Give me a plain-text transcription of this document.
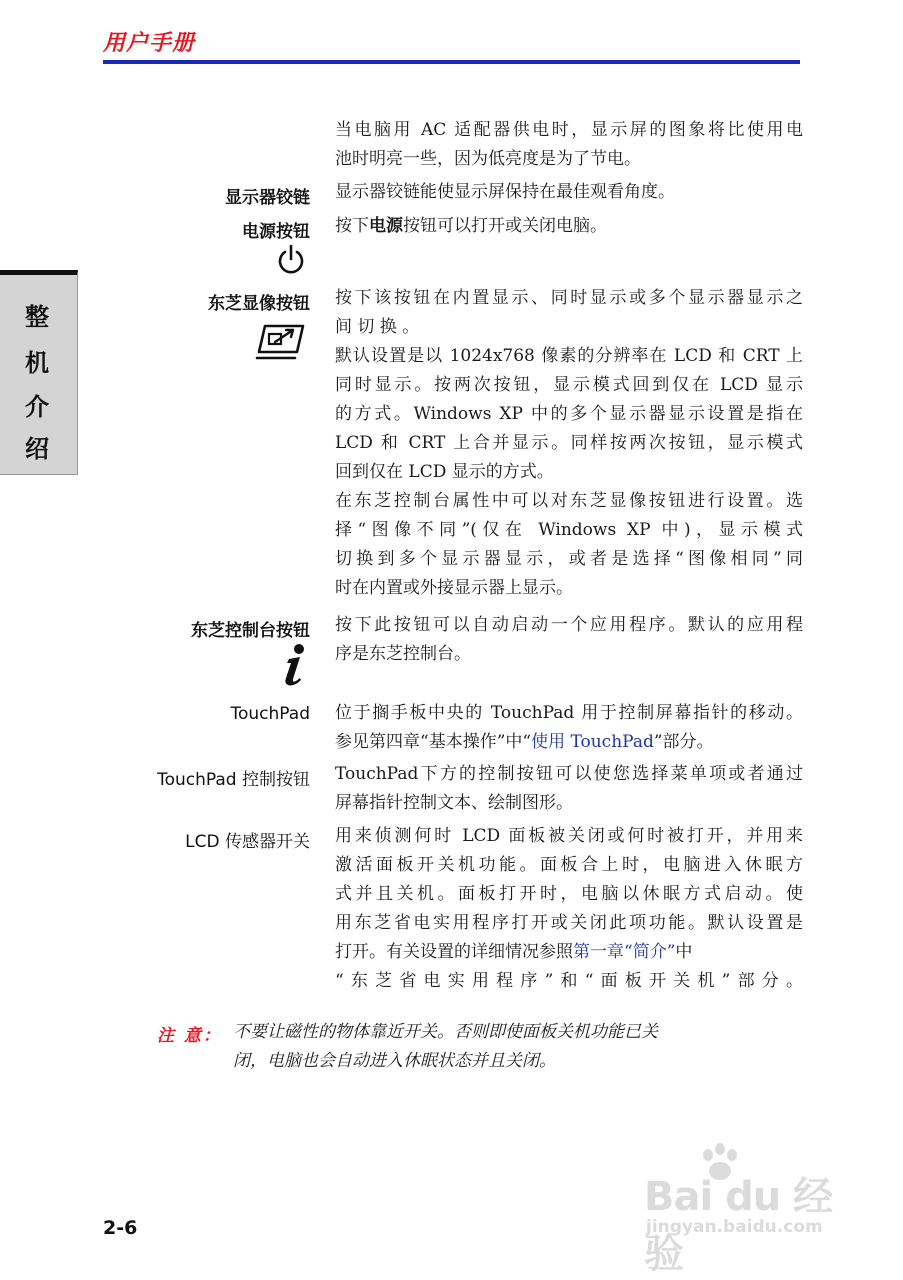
用户手册
整
机
介
绍
当电脑用 AC 适配器供电时，显示屏的图象将比使用电
池时明亮一些，因为低亮度是为了节电。
显示器铰链 显示器铰链能使显示屏保持在最佳观看角度。
电源按钮 按下电源按钮可以打开或关闭电脑。
东芝显像按钮 按下该按钮在内置显示、同时显示或多个显示器显示之
间 切 换 。
默认设置是以 1024x768 像素的分辨率在 LCD 和 CRT 上
同时显示。按两次按钮，显示模式回到仅在 LCD 显示
的方式。Windows XP 中的多个显示器显示设置是指在
LCD 和 CRT 上合并显示。同样按两次按钮，显示模式
回到仅在 LCD 显示的方式。
在东芝控制台属性中可以对东芝显像按钮进行设置。选
择“图像不同”(仅在 Windows XP 中)，显示模式
切换到多个显示器显示，或者是选择“图像相同”同
时在内置或外接显示器上显示。
东芝控制台按钮 按下此按钮可以自动启动一个应用程序。默认的应用程
序是东芝控制台。
TouchPad 位于搁手板中央的 TouchPad 用于控制屏幕指针的移动。
参见第四章“基本操作”中“使用 TouchPad”部分。
TouchPad 控制按钮 TouchPad下方的控制按钮可以使您选择菜单项或者通过
屏幕指针控制文本、绘制图形。
LCD 传感器开关 用来侦测何时 LCD 面板被关闭或何时被打开，并用来
激活面板开关机功能。面板合上时，电脑进入休眠方
式并且关机。面板打开时，电脑以休眠方式启动。使
用东芝省电实用程序打开或关闭此项功能。默认设置是
打开。有关设置的详细情况参照第一章“简介”中
“东芝省电实用程序”和“面板开关机”部分。
注 意： 不要让磁性的物体靠近开关。否则即使面板关机功能已关
闭，电脑也会自动进入休眠状态并且关闭。
2-6
Bai du 经验
jingyan.baidu.com
